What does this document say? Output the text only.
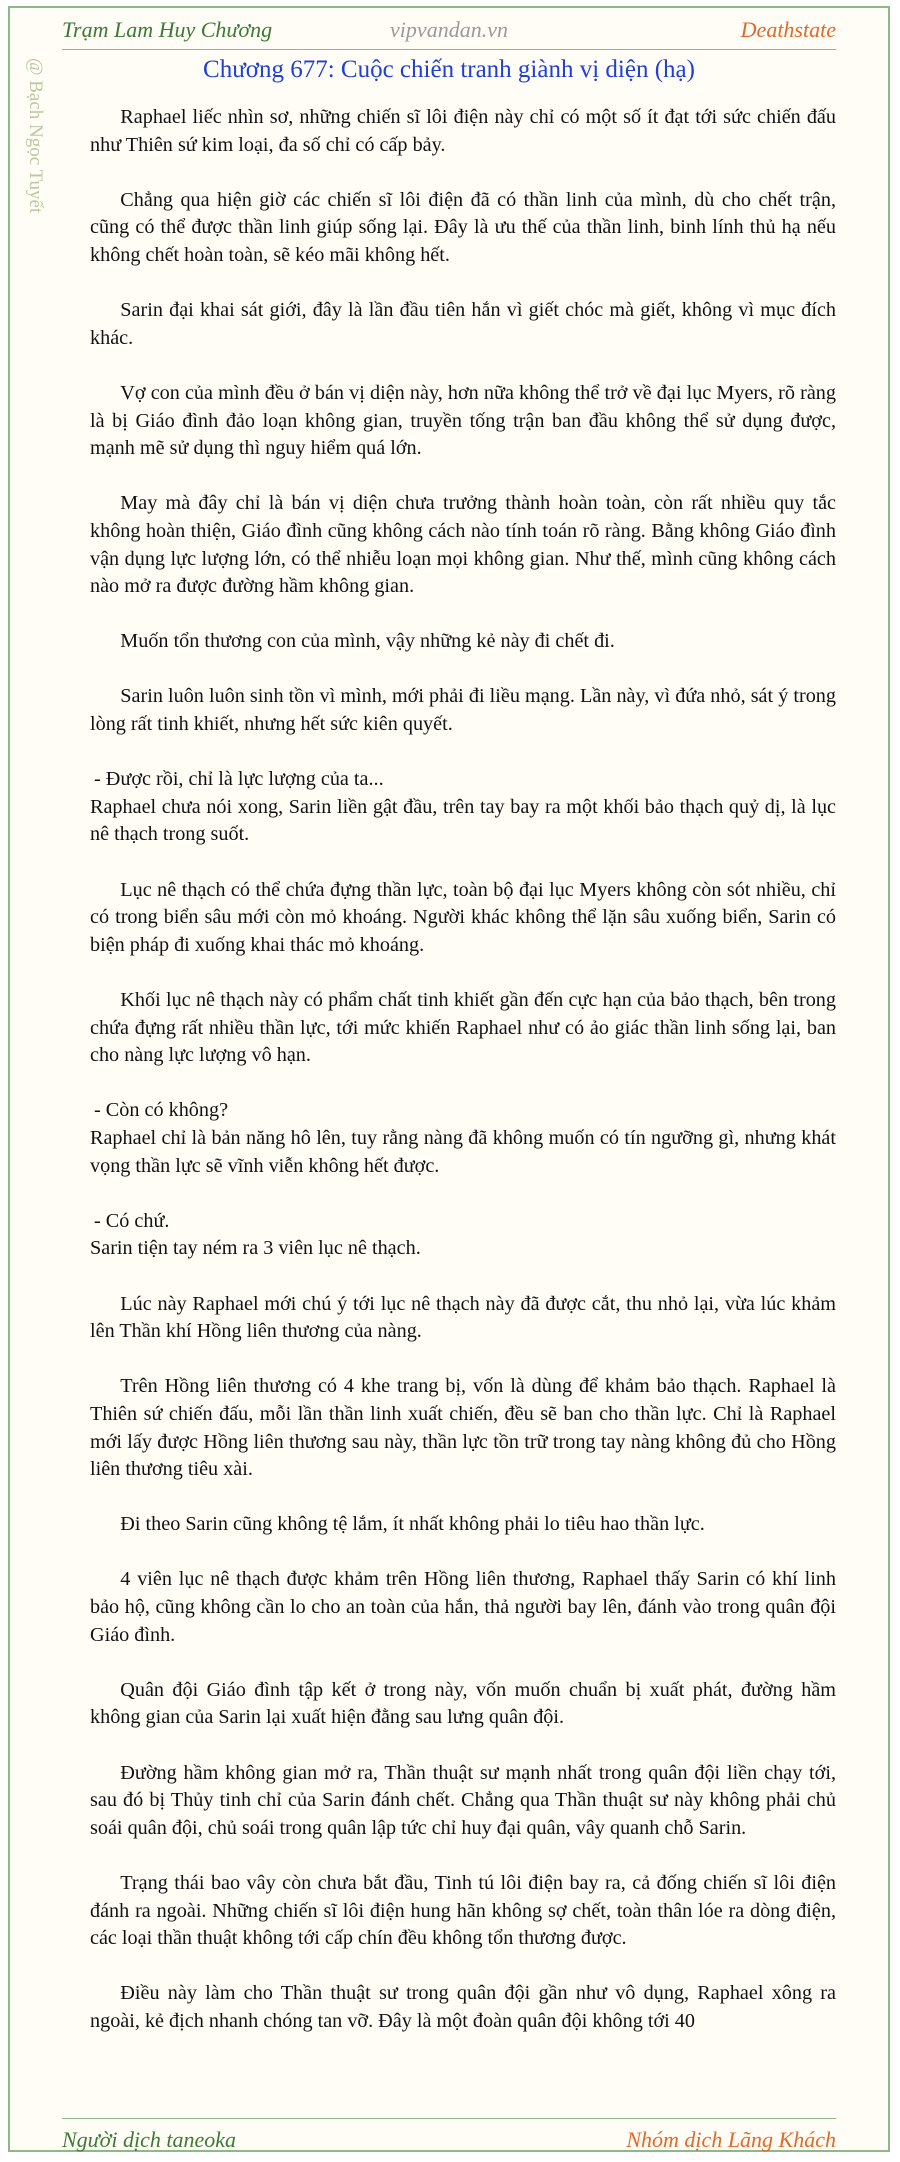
Trạm Lam Huy Chương	vipvandan.vn	Deathstate
@ Bạch Ngọc Tuyết	Chương 677: Cuộc chiến tranh giành vị diện (hạ)

Raphael liếc nhìn sơ, những chiến sĩ lôi điện này chỉ có một số ít đạt tới sức chiến đấu như Thiên sứ kim loại, đa số chỉ có cấp bảy.

Chẳng qua hiện giờ các chiến sĩ lôi điện đã có thần linh của mình, dù cho chết trận, cũng có thể được thần linh giúp sống lại. Đây là ưu thế của thần linh, binh lính thủ hạ nếu không chết hoàn toàn, sẽ kéo mãi không hết.

Sarin đại khai sát giới, đây là lần đầu tiên hắn vì giết chóc mà giết, không vì mục đích khác.

Vợ con của mình đều ở bán vị diện này, hơn nữa không thể trở về đại lục Myers, rõ ràng là bị Giáo đình đảo loạn không gian, truyền tống trận ban đầu không thể sử dụng được, mạnh mẽ sử dụng thì nguy hiểm quá lớn.

May mà đây chỉ là bán vị diện chưa trưởng thành hoàn toàn, còn rất nhiều quy tắc không hoàn thiện, Giáo đình cũng không cách nào tính toán rõ ràng. Bằng không Giáo đình vận dụng lực lượng lớn, có thể nhiễu loạn mọi không gian. Như thế, mình cũng không cách nào mở ra được đường hầm không gian.

Muốn tổn thương con của mình, vậy những kẻ này đi chết đi.

Sarin luôn luôn sinh tồn vì mình, mới phải đi liều mạng. Lần này, vì đứa nhỏ, sát ý trong lòng rất tinh khiết, nhưng hết sức kiên quyết.

- Được rồi, chỉ là lực lượng của ta...

Raphael chưa nói xong, Sarin liền gật đầu, trên tay bay ra một khối bảo thạch quỷ dị, là lục nê thạch trong suốt.

Lục nê thạch có thể chứa đựng thần lực, toàn bộ đại lục Myers không còn sót nhiều, chỉ có trong biển sâu mới còn mỏ khoáng. Người khác không thể lặn sâu xuống biển, Sarin có biện pháp đi xuống khai thác mỏ khoáng.

Khối lục nê thạch này có phẩm chất tinh khiết gần đến cực hạn của bảo thạch, bên trong chứa đựng rất nhiều thần lực, tới mức khiến Raphael như có ảo giác thần linh sống lại, ban cho nàng lực lượng vô hạn.

- Còn có không?

Raphael chỉ là bản năng hô lên, tuy rằng nàng đã không muốn có tín ngưỡng gì, nhưng khát vọng thần lực sẽ vĩnh viễn không hết được.

- Có chứ.

Sarin tiện tay ném ra 3 viên lục nê thạch.

Lúc này Raphael mới chú ý tới lục nê thạch này đã được cắt, thu nhỏ lại, vừa lúc khảm lên Thần khí Hồng liên thương của nàng.

Trên Hồng liên thương có 4 khe trang bị, vốn là dùng để khảm bảo thạch. Raphael là Thiên sứ chiến đấu, mỗi lần thần linh xuất chiến, đều sẽ ban cho thần lực. Chỉ là Raphael mới lấy được Hồng liên thương sau này, thần lực tồn trữ trong tay nàng không đủ cho Hồng liên thương tiêu xài.

Đi theo Sarin cũng không tệ lắm, ít nhất không phải lo tiêu hao thần lực.

4 viên lục nê thạch được khảm trên Hồng liên thương, Raphael thấy Sarin có khí linh bảo hộ, cũng không cần lo cho an toàn của hắn, thả người bay lên, đánh vào trong quân đội Giáo đình.

Quân đội Giáo đình tập kết ở trong này, vốn muốn chuẩn bị xuất phát, đường hầm không gian của Sarin lại xuất hiện đằng sau lưng quân đội.

Đường hầm không gian mở ra, Thần thuật sư mạnh nhất trong quân đội liền chạy tới, sau đó bị Thủy tinh chỉ của Sarin đánh chết. Chẳng qua Thần thuật sư này không phải chủ soái quân đội, chủ soái trong quân lập tức chỉ huy đại quân, vây quanh chỗ Sarin.

Trạng thái bao vây còn chưa bắt đầu, Tinh tú lôi điện bay ra, cả đống chiến sĩ lôi điện đánh ra ngoài. Những chiến sĩ lôi điện hung hãn không sợ chết, toàn thân lóe ra dòng điện, các loại thần thuật không tới cấp chín đều không tổn thương được.

Điều này làm cho Thần thuật sư trong quân đội gần như vô dụng, Raphael xông ra ngoài, kẻ địch nhanh chóng tan vỡ. Đây là một đoàn quân đội không tới 40

Người dịch taneoka	Nhóm dịch Lãng Khách
